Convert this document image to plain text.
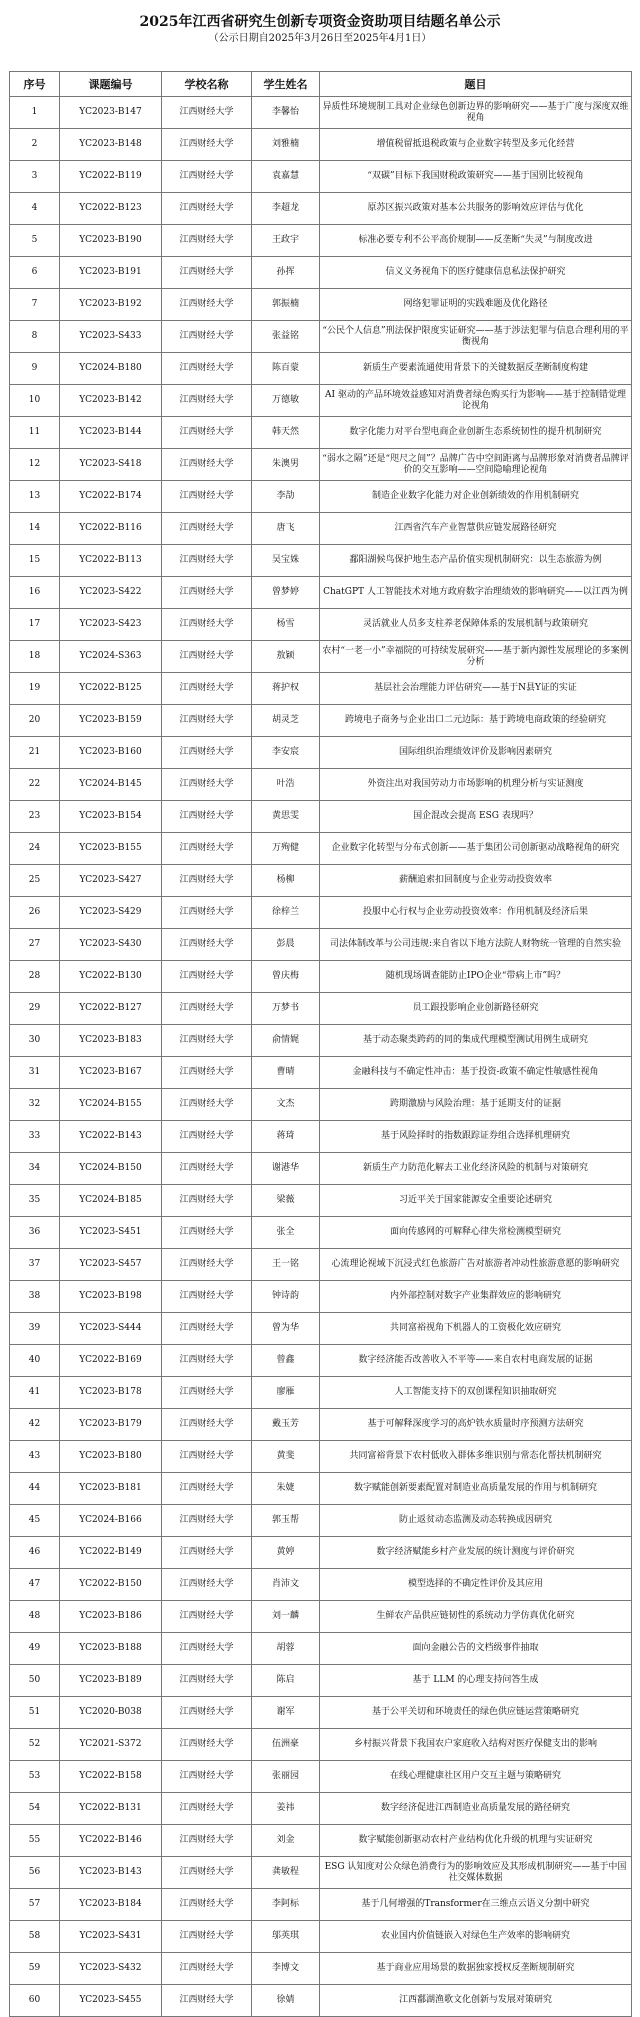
2025年江西省研究生创新专项资金资助项目结题名单公示
（公示日期自2025年3月26日至2025年4月1日）
序号	课题编号	学校名称	学生姓名	题目
1	YC2023-B147	江西财经大学	李馨怡	异质性环境规制工具对企业绿色创新边界的影响研究——基于广度与深度双维视角
2	YC2023-B148	江西财经大学	刘雅楠	增值税留抵退税政策与企业数字转型及多元化经营
3	YC2022-B119	江西财经大学	袁嘉慧	“双碳”目标下我国财税政策研究——基于国别比较视角
4	YC2022-B123	江西财经大学	李超龙	原苏区振兴政策对基本公共服务的影响效应评估与优化
5	YC2023-B190	江西财经大学	王政宇	标准必要专利不公平高价规制——反垄断“失灵”与制度改进
6	YC2023-B191	江西财经大学	孙挥	信义义务视角下的医疗健康信息私法保护研究
7	YC2023-B192	江西财经大学	郭振楠	网络犯罪证明的实践难题及优化路径
8	YC2023-S433	江西财经大学	张益铭	“公民个人信息”刑法保护限度实证研究——基于涉法犯罪与信息合理利用的平衡视角
9	YC2024-B180	江西财经大学	陈百蒙	新质生产要素流通使用背景下的关键数据反垄断制度构建
10	YC2023-B142	江西财经大学	万德敏	AI 驱动的产品环境效益感知对消费者绿色购买行为影响——基于控制错觉理论视角
11	YC2023-B144	江西财经大学	韩天然	数字化能力对平台型电商企业创新生态系统韧性的提升机制研究
12	YC2023-S418	江西财经大学	朱澳男	“弱水之隔”还是“咫尺之间”？品牌广告中空间距离与品牌形象对消费者品牌评价的交互影响——空间隐喻理论视角
13	YC2022-B174	江西财经大学	李劼	制造企业数字化能力对企业创新绩效的作用机制研究
14	YC2022-B116	江西财经大学	唐飞	江西省汽车产业智慧供应链发展路径研究
15	YC2022-B113	江西财经大学	吴宝姝	鄱阳湖候鸟保护地生态产品价值实现机制研究：以生态旅游为例
16	YC2023-S422	江西财经大学	曾梦婷	ChatGPT 人工智能技术对地方政府数字治理绩效的影响研究——以江西为例
17	YC2023-S423	江西财经大学	杨雪	灵活就业人员多支柱养老保障体系的发展机制与政策研究
18	YC2024-S363	江西财经大学	敖颖	农村“一老一小”幸福院的可持续发展研究——基于新内源性发展理论的多案例分析
19	YC2022-B125	江西财经大学	蒋护权	基层社会治理能力评估研究——基于N县Y证的实证
20	YC2023-B159	江西财经大学	胡灵芝	跨境电子商务与企业出口二元边际：基于跨境电商政策的经验研究
21	YC2023-B160	江西财经大学	李安宸	国际组织治理绩效评价及影响因素研究
22	YC2024-B145	江西财经大学	叶浩	外资注出对我国劳动力市场影响的机理分析与实证测度
23	YC2023-B154	江西财经大学	黄思雯	国企混改会提高 ESG 表现吗？
24	YC2023-B155	江西财经大学	万殉健	企业数字化转型与分布式创新——基于集团公司创新驱动战略视角的研究
25	YC2023-S427	江西财经大学	杨柳	薪酬追索扣回制度与企业劳动投资效率
26	YC2023-S429	江西财经大学	徐梓兰	投服中心行权与企业劳动投资效率：作用机制及经济后果
27	YC2023-S430	江西财经大学	彭晨	司法体制改革与公司违规:来自省以下地方法院人财物统一管理的自然实验
28	YC2022-B130	江西财经大学	曾庆梅	随机现场调查能防止IPO企业“带病上市”吗？
29	YC2022-B127	江西财经大学	万梦书	员工跟投影响企业创新路径研究
30	YC2023-B183	江西财经大学	俞情娓	基于动态聚类跨药的同的集成代理模型测试用例生成研究
31	YC2023-B167	江西财经大学	曹晴	金融科技与不确定性冲击：基于投资-政策不确定性敏感性视角
32	YC2024-B155	江西财经大学	文杰	跨期激励与风险治理：基于延期支付的证据
33	YC2022-B143	江西财经大学	蒋琦	基于风险择时的指数跟踪证券组合选择机理研究
34	YC2024-B150	江西财经大学	谢港华	新质生产力防范化解去工业化经济风险的机制与对策研究
35	YC2024-B185	江西财经大学	梁薇	习近平关于国家能源安全重要论述研究
36	YC2023-S451	江西财经大学	张全	面向传感网的可解释心律失常检测模型研究
37	YC2023-S457	江西财经大学	王一铭	心流理论视域下沉浸式红色旅游广告对旅游者冲动性旅游意愿的影响研究
38	YC2023-B198	江西财经大学	钟诗韵	内外部控制对数字产业集群效应的影响研究
39	YC2023-S444	江西财经大学	曾为华	共同富裕视角下机器人的工资极化效应研究
40	YC2022-B169	江西财经大学	曾鑫	数字经济能否改善收入不平等——来自农村电商发展的证据
41	YC2023-B178	江西财经大学	廖雁	人工智能支持下的双创课程知识抽取研究
42	YC2023-B179	江西财经大学	戴玉芳	基于可解释深度学习的高炉铁水质量时序预测方法研究
43	YC2023-B180	江西财经大学	黄斐	共同富裕背景下农村低收入群体多维识别与常态化帮扶机制研究
44	YC2023-B181	江西财经大学	朱婕	数字赋能创新要素配置对制造业高质量发展的作用与机制研究
45	YC2024-B166	江西财经大学	郭玉帮	防止返贫动态监测及动态转换成因研究
46	YC2022-B149	江西财经大学	黄婷	数字经济赋能乡村产业发展的统计测度与评价研究
47	YC2022-B150	江西财经大学	肖沛文	模型选择的不确定性评价及其应用
48	YC2023-B186	江西财经大学	刘一麟	生鲜农产品供应链韧性的系统动力学仿真优化研究
49	YC2023-B188	江西财经大学	胡蓉	面向金融公告的文档级事件抽取
50	YC2023-B189	江西财经大学	陈启	基于 LLM 的心理支持问答生成
51	YC2020-B038	江西财经大学	谢军	基于公平关切和环境责任的绿色供应链运营策略研究
52	YC2021-S372	江西财经大学	伍洲豪	乡村振兴背景下我国农户家庭收入结构对医疗保健支出的影响
53	YC2022-B158	江西财经大学	张丽园	在线心理健康社区用户交互主题与策略研究
54	YC2022-B131	江西财经大学	姜祎	数字经济促进江西制造业高质量发展的路径研究
55	YC2022-B146	江西财经大学	刘金	数字赋能创新驱动农村产业结构优化升级的机理与实证研究
56	YC2023-B143	江西财经大学	龚敏程	ESG 认知度对公众绿色消费行为的影响效应及其形成机制研究——基于中国社交媒体数据
57	YC2023-B184	江西财经大学	李阿标	基于几何增强的Transformer在三维点云语义分割中研究
58	YC2023-S431	江西财经大学	邬英琪	农业国内价值链嵌入对绿色生产效率的影响研究
59	YC2023-S432	江西财经大学	李博文	基于商业应用场景的数据独家授权反垄断规制研究
60	YC2023-S455	江西财经大学	徐婧	江西鄱湖渔歌文化创新与发展对策研究
